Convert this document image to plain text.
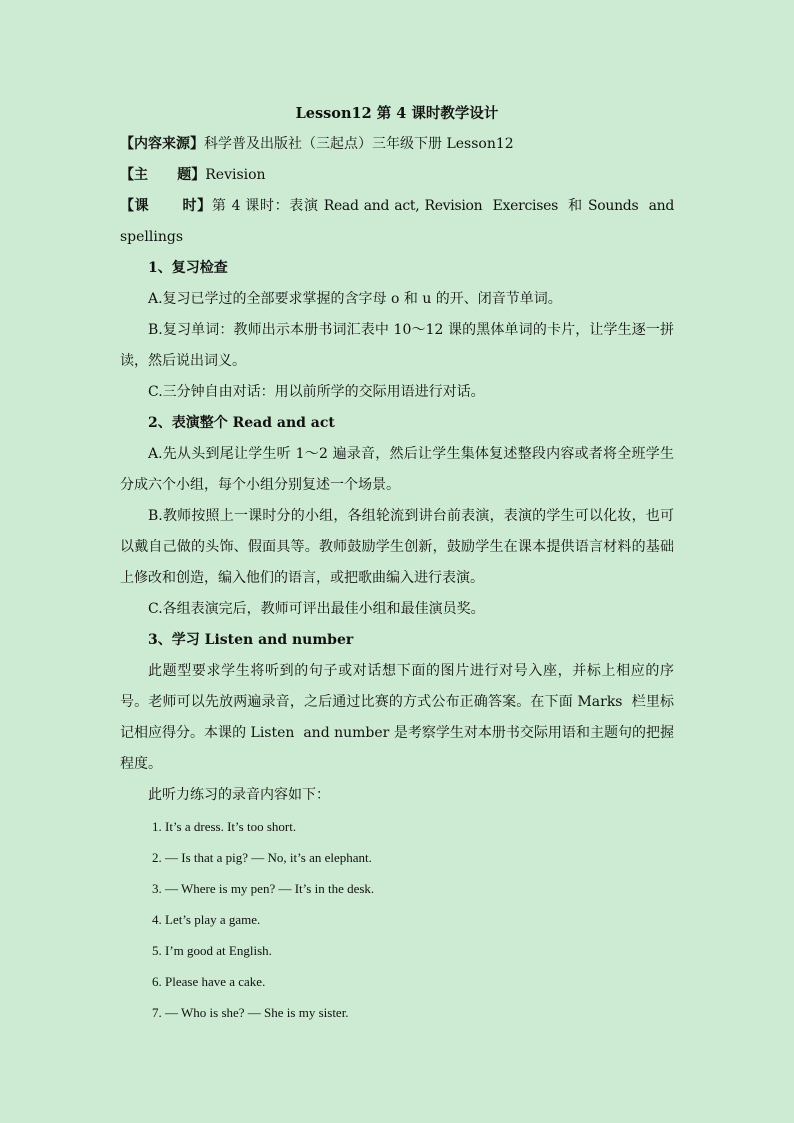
Lesson12 第 4 课时教学设计

【内容来源】科学普及出版社（三起点）三年级下册 Lesson12

【主      题】Revision

【课      时】第 4 课时：表演 Read and act, Revision  Exercises  和 Sounds  and

spellings

1、复习检查

A.复习已学过的全部要求掌握的含字母 o 和 u 的开、闭音节单词。

B.复习单词：教师出示本册书词汇表中 10～12 课的黑体单词的卡片，让学生逐一拼读，然后说出词义。

C.三分钟自由对话：用以前所学的交际用语进行对话。

2、表演整个 Read and act

A.先从头到尾让学生听 1～2 遍录音，然后让学生集体复述整段内容或者将全班学生分成六个小组，每个小组分别复述一个场景。

B.教师按照上一课时分的小组，各组轮流到讲台前表演，表演的学生可以化妆，也可以戴自己做的头饰、假面具等。教师鼓励学生创新，鼓励学生在课本提供语言材料的基础上修改和创造，编入他们的语言，或把歌曲编入进行表演。

C.各组表演完后，教师可评出最佳小组和最佳演员奖。

3、学习 Listen and number

此题型要求学生将听到的句子或对话想下面的图片进行对号入座，并标上相应的序号。老师可以先放两遍录音，之后通过比赛的方式公布正确答案。在下面 Marks  栏里标记相应得分。本课的 Listen  and number 是考察学生对本册书交际用语和主题句的把握程度。

此听力练习的录音内容如下：

1. It’s a dress. It’s too short.

2. — Is that a pig? — No, it’s an elephant.

3. — Where is my pen? — It’s in the desk.

4. Let’s play a game.

5. I’m good at English.

6. Please have a cake.

7. — Who is she? — She is my sister.
